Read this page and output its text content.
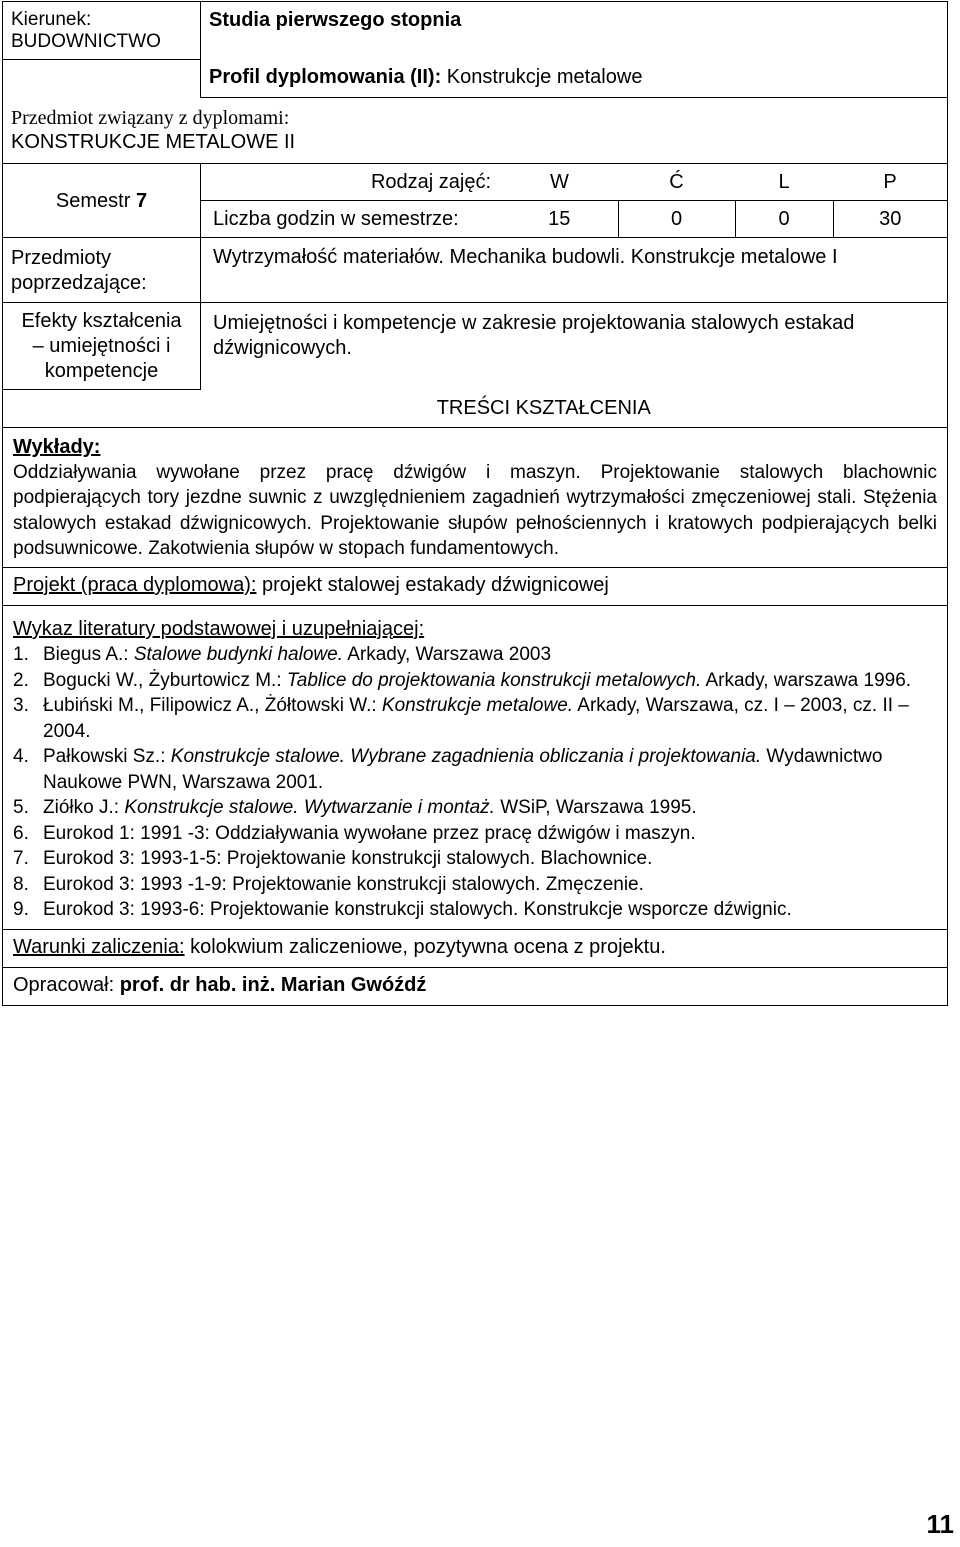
Kierunek: BUDOWNICTWO	Studia pierwszego stopnia
	Profil dyplomowania (II): Konstrukcje metalowe

Przedmiot związany z dyplomami:
KONSTRUKCJE METALOWE II

Semestr 7	
Rodzaj zajęć:	W	Ć	L	P
Liczba godzin w semestrze:	15	0	0	30

Przedmioty
poprzedzające:
	Wytrzymałość materiałów. Mechanika budowli. Konstrukcje metalowe I

Efekty kształcenia
– umiejętności i
kompetencje
	Umiejętności i kompetencje w zakresie projektowania stalowych estakad dźwignicowych.
	TREŚCI KSZTAŁCENIA

Wykłady:
Oddziaływania wywołane przez pracę dźwigów i maszyn. Projektowanie stalowych blachownic podpierających tory jezdne suwnic z uwzględnieniem zagadnień wytrzymałości zmęczeniowej stali. Stężenia stalowych estakad dźwignicowych. Projektowanie słupów pełnościennych i kratowych podpierających belki podsuwnicowe. Zakotwienia słupów w stopach fundamentowych.

Projekt (praca dyplomowa): projekt stalowej estakady dźwignicowej

Wykaz literatury podstawowej i uzupełniającej:
1. Biegus A.: Stalowe budynki halowe. Arkady, Warszawa 2003
2. Bogucki W., Żyburtowicz M.: Tablice do projektowania konstrukcji metalowych. Arkady, warszawa 1996.
3. Łubiński M., Filipowicz A., Żółtowski W.: Konstrukcje metalowe. Arkady, Warszawa, cz. I – 2003, cz. II – 2004.
4. Pałkowski Sz.: Konstrukcje stalowe. Wybrane zagadnienia obliczania i projektowania. Wydawnictwo Naukowe PWN, Warszawa 2001.
5. Ziółko J.: Konstrukcje stalowe. Wytwarzanie i montaż. WSiP, Warszawa 1995.
6. Eurokod 1: 1991 -3: Oddziaływania wywołane przez pracę dźwigów i maszyn.
7. Eurokod 3: 1993-1-5: Projektowanie konstrukcji stalowych. Blachownice.
8. Eurokod 3: 1993 -1-9: Projektowanie konstrukcji stalowych. Zmęczenie.
9. Eurokod 3: 1993-6: Projektowanie konstrukcji stalowych. Konstrukcje wsporcze dźwignic.

Warunki zaliczenia: kolokwium zaliczeniowe, pozytywna ocena z projektu.
Opracował: prof. dr hab. inż. Marian Gwóźdź
11
